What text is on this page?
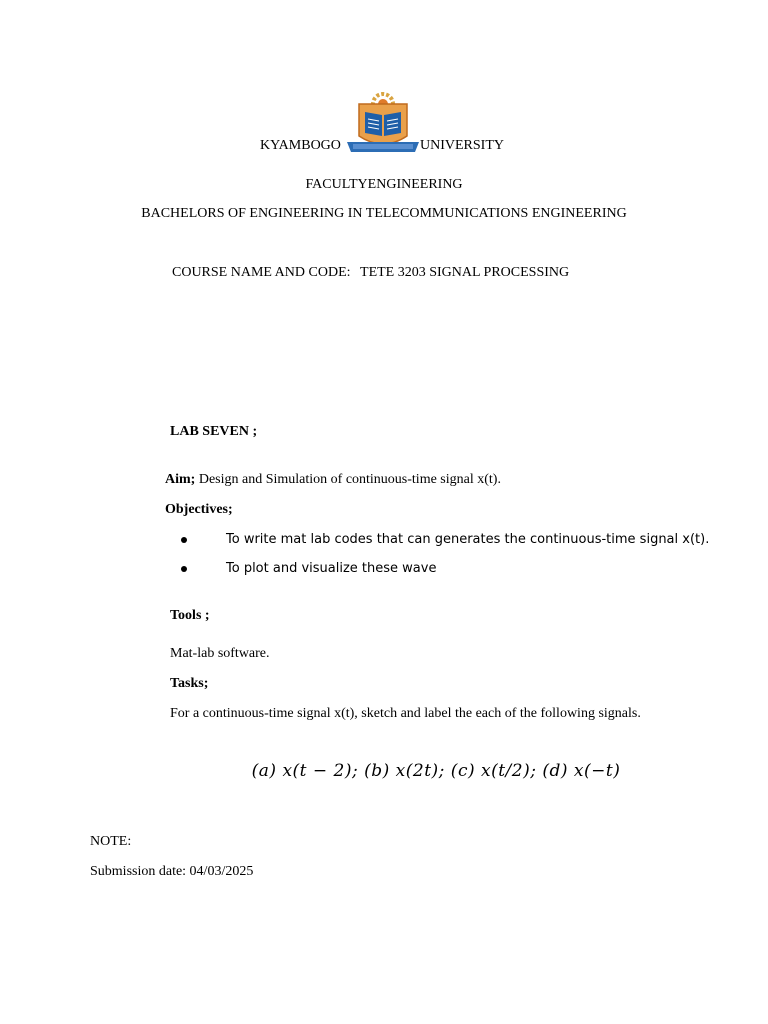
KYAMBOGO	UNIVERSITY
FACULTYENGINEERING
BACHELORS OF ENGINEERING IN TELECOMMUNICATIONS ENGINEERING
COURSE NAME AND CODE: TETE 3203 SIGNAL PROCESSING
LAB SEVEN ;
Aim; Design and Simulation of continuous-time signal x(t).
Objectives;
To write mat lab codes that can generates the continuous-time signal x(t).
To plot and visualize these wave
Tools ;
Mat-lab software.
Tasks;
For a continuous-time signal x(t), sketch and label the each of the following signals.
(a) x(t − 2); (b) x(2t); (c) x(t/2); (d) x(−t)
NOTE:
Submission date: 04/03/2025
